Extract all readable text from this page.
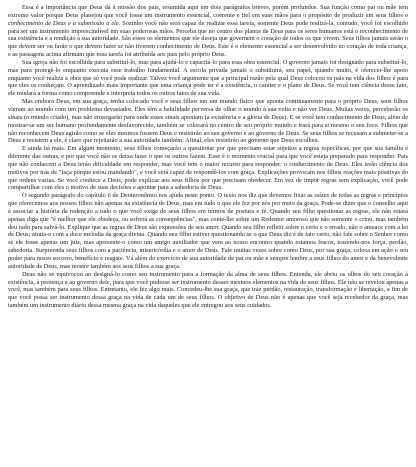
Essa é a importância que Deus dá à missão dos pais, resumida aqui em dois parágrafos breves, porém profundos. Sua função como pai ou mãe tem extremo valor porque Deus planejou que você fosse um instrumento essencial, coerente e fiel em suas mãos para o propósito de produzir em seus filhos o conhecimento de Deus e a submissão a ele. Sozinho você não será capaz de realizar essa tarefa, somente Deus pode realizá-la, contudo, você foi escolhido para ser um instrumento imprescindível em suas poderosas mãos. Perceba que no centro dos planos de Deus para os seres humanos está o reconhecimento de sua existência e a rendição à sua autoridade. São esses os elementos que ele deseja que governem o coração de todos os que vivem. Seus filhos jamais serão o que devem ser ou farão o que devem fazer se não tiverem conhecimento de Deus. Este é o elemento essencial a ser desenvolvido no coração de toda criança, e as passagens acima afirmam que essa tarefa foi atribuída aos pais pelo próprio Deus.

Sua igreja não foi escolhida para substituí-lo, mas para ajudá-lo e capacitá-lo para essa obra essencial. O governo jamais foi designado para substituí-lo, mas para protegê-lo enquanto executa esse trabalho fundamental. A escola privada jamais o substituirá, seu papel, quando muito, é oferecer-lhe apoio enquanto você realiza a obra que só você pode realizar. Talvez você argumente que a principal razão pela qual Deus colocou os pais na vida dos filhos é para que eles os conheçam. O aprendizado mais importante que uma criança pode ter é a existência, o caráter e o plano de Deus. Se você tem ciência desse fato, ele mudará a forma como compreende e interpreta todos os outros fatos de sua vida.

Mas embora Deus, em sua graça, tenha colocado você e seus filhos em um mundo físico que aponta continuamente para o próprio Deus, seus filhos vieram ao mundo com um problema devastador. Eles têm a habilidade perversa de olhar o mundo à sua volta e não ver Deus. Muitas vezes, perceberão os sinais (o mundo criado), mas não enxergarão para onde esses sinais apontam (a existência e a glória de Deus). E se você tem conhecimento de Deus, além de mostrar-se um ser humano profundamente desfavorecido, também se colocará no centro de seu próprio mundo e trará para si mesmo o seu foco. Filhos que não reconhecem Deus agirão como se eles mesmos fossem Deus e resistirão ao seu governo e ao governo de Deus. Se seus filhos se recusam a submeter-se a Deus e resistem a ele, é claro que rejeitarão a sua autoridade também. Afinal, eles resistirão ao governo que Deus escolheu.

E ainda há mais. Em algum momento, seus filhos começarão a questionar por que precisam estar sujeitos a regras específicas, por que sua família é diferente das outras, e por que você não os deixa fazer o que os outros fazem. Esse é o momento crucial para que você esteja preparado para responder. Pais que não conhecem a Deus terão dificuldade em responder, mas você tem o maior recurso para responder: o conhecimento de Deus. Eles terão ciência dos motivos por trás de "faça porque estou mandando", e você será capaz de respondê-los com graça. Explicações provocam nos filhos reações mais positivas do que ordens vazias. Se você conhece a Deus, pode explicar aos seus filhos por que precisam obedecer. Em vez de impor regras sem explicação, você pode compartilhar com eles o motivo de suas decisões e apontar para a sabedoria de Deus.

O segundo parágrafo do capítulo 6 de Deuteronômio nos ajuda neste ponto. O texto nos diz que devemos fixar as raízes de todas as regras e princípios que oferecemos aos nossos filhos não apenas na existência de Deus, mas em tudo o que ele fez por nós por meio da graça. Pode-se dizer que o conselho aqui é associar a história da redenção a tudo o que você exige de seus filhos em termos de postura e fé. Quando seu filho questionar as regras, ele não estará apenas diga que "é melhor que ele obedeça, ou sofrerá as consequências", mas conte-lhe sobre um Redentor amoroso que não somente o criou, mas também deu tudo para salvá-lo. Explique que as regras de Deus são expressões de seu amor. Quando seu filho refletir sobre o certo e o errado, não o ameace com a lei de Deus; atraia-o com a doce melodia da graça divina. Quando seu filho estiver questionando se o que Deus diz é de fato certo, não fale sobre o Senhor como se ele fosse apenas um juiz, mas apresente-o como um amigo auxiliador que vem ao nosso encontro quando estamos fracos, trazendo-nos força, perdão, sabedoria. Surpreenda seus filhos com a paciência, misericórdia e o amor de Deus. Fale muitas vezes sobre como Deus, por sua graça, coloca em ação o seu poder para nosso socorro, benefício e resgate. Vá além do exercício de sua autoridade de pai ou mãe e sempre lembre a seus filhos do amor e da benevolente autoridade de Deus, mas mostre também aos seus filhos a sua graça.

Deus não se equivocou ao designá-lo como seu instrumento para a formação da alma de seus filhos. Entenda, ele abriu os olhos do seu coração à existência, à presença e ao governo dele, para que você pudesse ser instrumento desses mesmos elementos na vida de seus filhos. Ele não se revelou apenas a você, mas também para seus filhos. Entretanto, ele fez algo mais. Concedeu-lhe sua graça, que traz perdão, restauração, transformação e libertação, a fim de que você possa ser instrumento dessa graça na vida de cada um de seus filhos. O objetivo de Deus não é apenas que você seja recebedor da graça, mas também um instrumento diário dessa mesma graça na vida daqueles que ele entregou aos seus cuidados.
